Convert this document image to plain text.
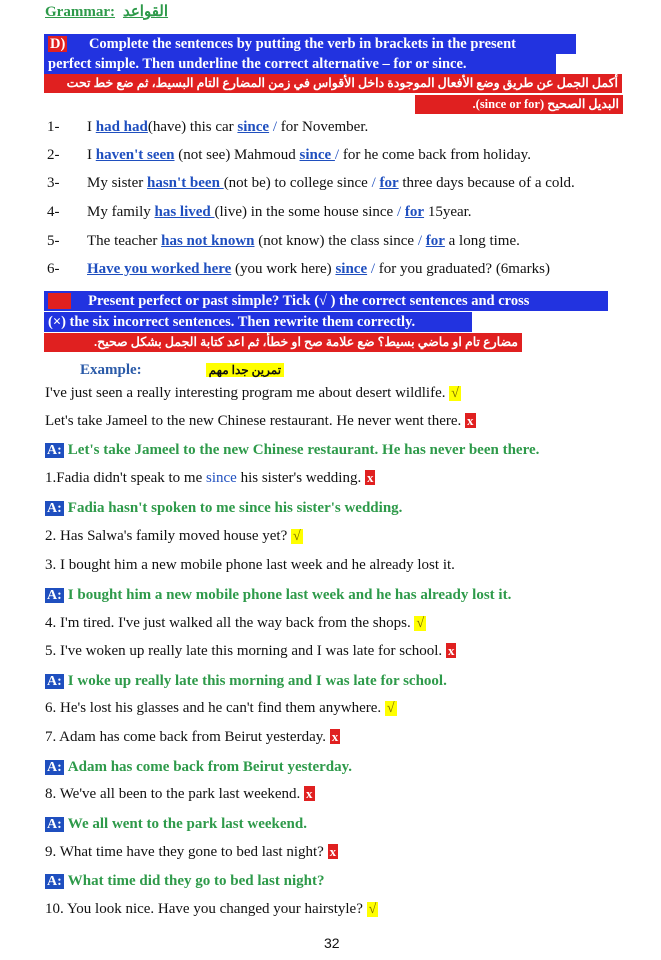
Grammar: القواعد
D) Complete the sentences by putting the verb in brackets in the present
perfect simple. Then underline the correct alternative – for or since.
أكمل الجمل عن طريق وضع الأفعال الموجودة داخل الأقواس في زمن المضارع التام البسيط، ثم ضع خط تحت
البديل الصحيح (since or for).
1- I had had(have) this car since / for November.
2- I haven't seen (not see) Mahmoud since / for he come back from holiday.
3- My sister hasn't been (not be) to college since / for three days because of a cold.
4- My family has lived (live) in the some house since / for 15year.
5- The teacher has not known (not know) the class since / for a long time.
6- Have you worked here (you work here) since / for you graduated? (6marks)
E) Present perfect or past simple? Tick (√ ) the correct sentences and cross
(×) the six incorrect sentences. Then rewrite them correctly.
مضارع تام او ماضي بسيط؟ ضع علامة صح او خطأ، ثم اعد كتابة الجمل بشكل صحيح.
Example:	تمرين جدا مهم
I've just seen a really interesting program me about desert wildlife. √
Let's take Jameel to the new Chinese restaurant. He never went there. x
A: Let's take Jameel to the new Chinese restaurant. He has never been there.
1.Fadia didn't speak to me since his sister's wedding. x
A: Fadia hasn't spoken to me since his sister's wedding.
2. Has Salwa's family moved house yet? √
3. I bought him a new mobile phone last week and he already lost it.
A: I bought him a new mobile phone last week and he has already lost it.
4. I'm tired. I've just walked all the way back from the shops. √
5. I've woken up really late this morning and I was late for school. x
A: I woke up really late this morning and I was late for school.
6. He's lost his glasses and he can't find them anywhere. √
7. Adam has come back from Beirut yesterday. x
A: Adam has come back from Beirut yesterday.
8. We've all been to the park last weekend. x
A: We all went to the park last weekend.
9. What time have they gone to bed last night? x
A: What time did they go to bed last night?
10. You look nice. Have you changed your hairstyle? √
32
